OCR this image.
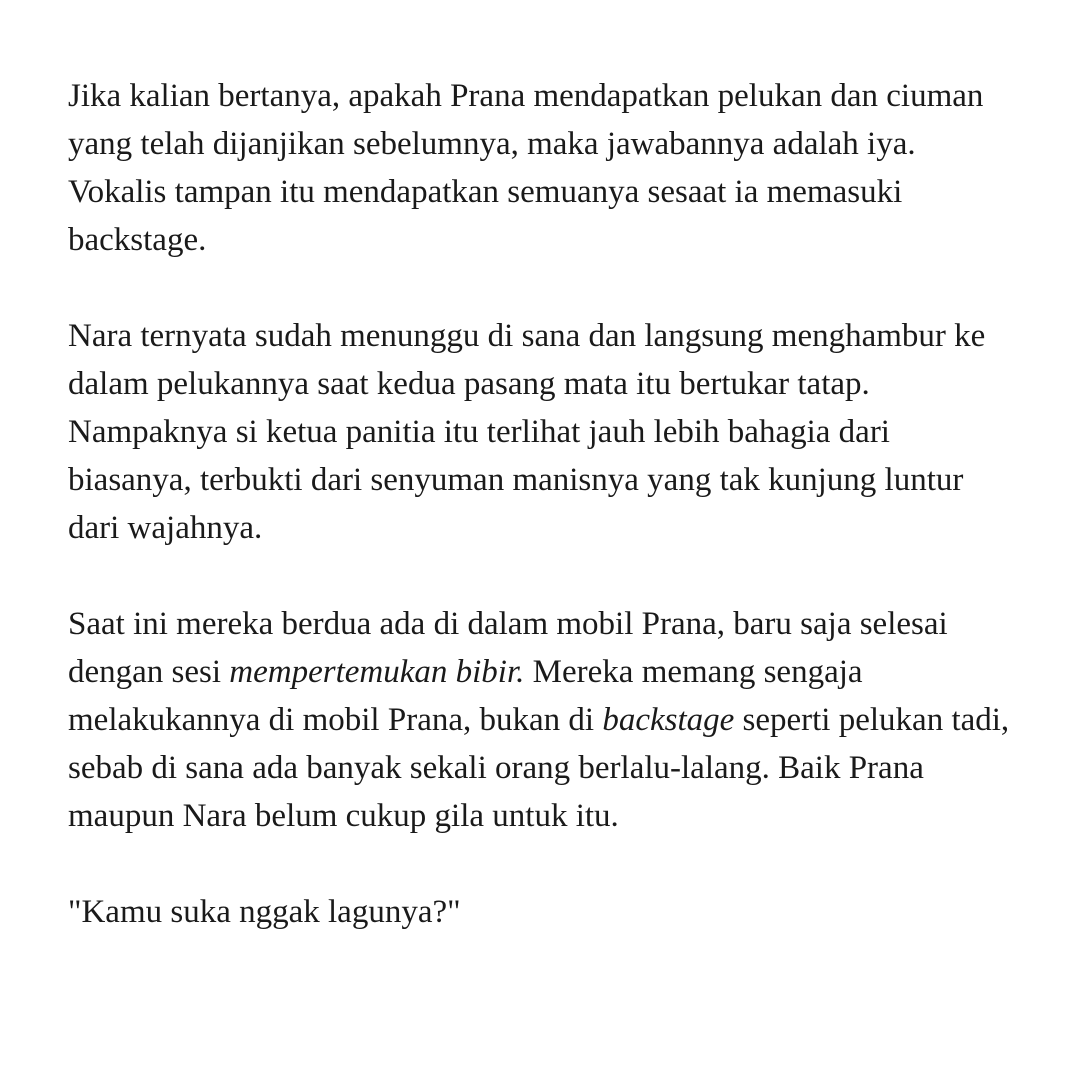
Jika kalian bertanya, apakah Prana mendapatkan pelukan dan ciuman yang telah dijanjikan sebelumnya, maka jawabannya adalah iya. Vokalis tampan itu mendapatkan semuanya sesaat ia memasuki backstage.

Nara ternyata sudah menunggu di sana dan langsung menghambur ke dalam pelukannya saat kedua pasang mata itu bertukar tatap. Nampaknya si ketua panitia itu terlihat jauh lebih bahagia dari biasanya, terbukti dari senyuman manisnya yang tak kunjung luntur dari wajahnya.

Saat ini mereka berdua ada di dalam mobil Prana, baru saja selesai dengan sesi mempertemukan bibir. Mereka memang sengaja melakukannya di mobil Prana, bukan di backstage seperti pelukan tadi, sebab di sana ada banyak sekali orang berlalu-lalang. Baik Prana maupun Nara belum cukup gila untuk itu.

"Kamu suka nggak lagunya?"
